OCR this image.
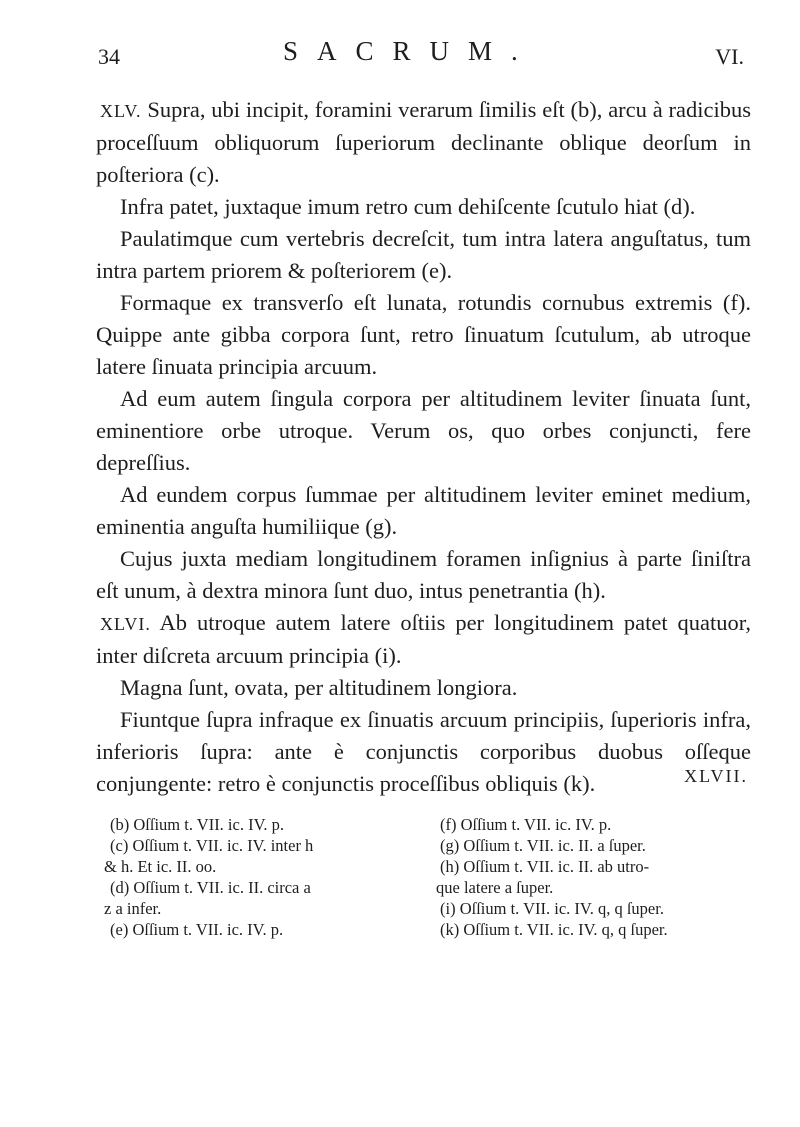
34	SACRUM.	VI.

XLV. Supra, ubi incipit, foramini verarum ſimilis eſt (b), arcu à radicibus proceſſuum obliquorum ſuperiorum declinante oblique deorſum in poſteriora (c).

Infra patet, juxtaque imum retro cum dehiſcente ſcutulo hiat (d).

Paulatimque cum vertebris decreſcit, tum intra latera anguſtatus, tum intra partem priorem & poſteriorem (e).

Formaque ex transverſo eſt lunata, rotundis cornubus extremis (f). Quippe ante gibba corpora ſunt, retro ſinuatum ſcutulum, ab utroque latere ſinuata principia arcuum.

Ad eum autem ſingula corpora per altitudinem leviter ſinuata ſunt, eminentiore orbe utroque. Verum os, quo orbes conjuncti, fere depreſſius.

Ad eundem corpus ſummae per altitudinem leviter eminet medium, eminentia anguſta humiliique (g).

Cujus juxta mediam longitudinem foramen inſignius à parte ſiniſtra eſt unum, à dextra minora ſunt duo, intus penetrantia (h).

XLVI. Ab utroque autem latere oſtiis per longitudinem patet quatuor, inter diſcreta arcuum principia (i).

Magna ſunt, ovata, per altitudinem longiora.

Fiuntque ſupra infraque ex ſinuatis arcuum principiis, ſuperioris infra, inferioris ſupra: ante è conjunctis corporibus duobus oſſeque conjungente: retro è conjunctis proceſſibus obliquis (k).	XLVII.
(b) Oſſium t. VII. ic. IV. p.
(c) Oſſium t. VII. ic. IV. inter h
& h. Et ic. II. oo.
(d) Oſſium t. VII. ic. II. circa a
z a infer.
(e) Oſſium t. VII. ic. IV. p.
(f) Oſſium t. VII. ic. IV. p.
(g) Oſſium t. VII. ic. II. a ſuper.
(h) Oſſium t. VII. ic. II. ab utro-
que latere a ſuper.
(i) Oſſium t. VII. ic. IV. q, q ſuper.
(k) Oſſium t. VII. ic. IV. q, q ſuper.
